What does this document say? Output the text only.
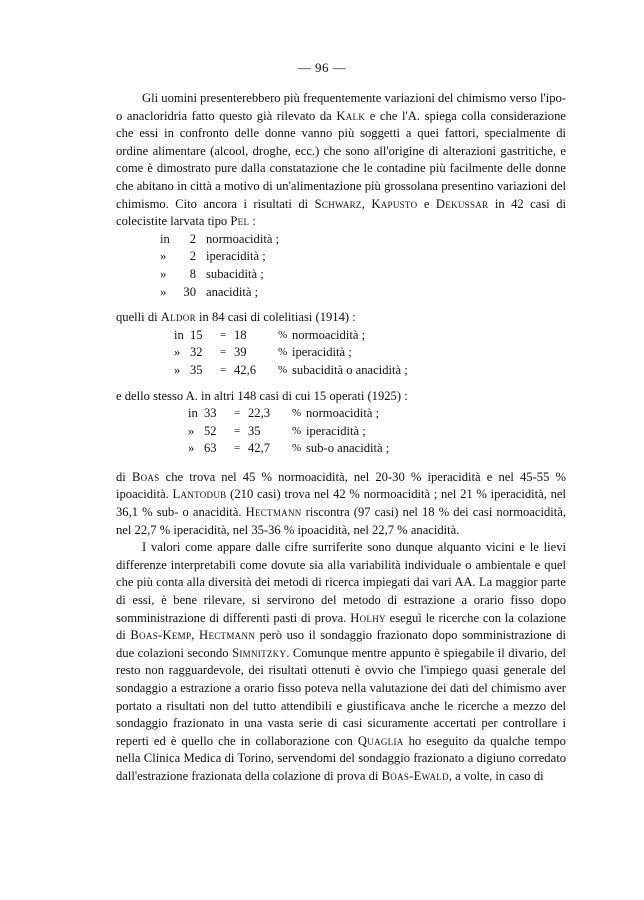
— 96 —

Gli uomini presenterebbero più frequentemente variazioni del chimismo verso l'ipo-o anacloridria fatto questo già rilevato da Kalk e che l'A. spiega colla considerazione che essi in confronto delle donne vanno più soggetti a quei fattori, specialmente di ordine alimentare (alcool, droghe, ecc.) che sono all'origine di alterazioni gastritiche, e come è dimostrato pure dalla constatazione che le contadine più facilmente delle donne che abitano in città a motivo di un'alimentazione più grossolana presentino variazioni del chimismo. Cito ancora i risultati di Schwarz, Kapusto e Dekussar in 42 casi di colecistite larvata tipo Pel :

in	2 normoacidità ;
»	2 iperacidità ;
»	8 subacidità ;
»	30 anacidità ;

quelli di Aldor in 84 casi di colelitiasi (1914) :

in 15	= 18	% normoacidità ;
» 32	= 39	% iperacidità ;
» 35	= 42,6	% subacidità o anacidità ;

e dello stesso A. in altri 148 casi di cui 15 operati (1925) :

in 33	= 22,3	% normoacidità ;
» 52	= 35	% iperacidità ;
» 63	= 42,7	% sub-o anacidità ;

di Boas che trova nel 45 % normoacidità, nel 20-30 % iperacidità e nel 45-55 % ipoacidità. Lantodub (210 casi) trova nel 42 % normoacidità ; nel 21 % iperacidità, nel 36,1 % sub- o anacidità. Hectmann riscontra (97 casi) nel 18 % dei casi normoacidità, nel 22,7 % iperacidità, nel 35-36 % ipoacidità, nel 22,7 % anacidità.

I valori come appare dalle cifre surriferite sono dunque alquanto vicini e le lievi differenze interpretabili come dovute sia alla variabilità individuale o ambientale e quel che più conta alla diversità dei metodi di ricerca impiegati dai vari AA. La maggior parte di essi, è bene rilevare, si servirono del metodo di estrazione a orario fisso dopo somministrazione di differenti pasti di prova. Holhy eseguì le ricerche con la colazione di Boas-Kemp, Hectmann però uso il sondaggio frazionato dopo somministrazione di due colazioni secondo Simnitzky. Comunque mentre appunto è spiegabile il divario, del resto non ragguardevole, dei risultati ottenuti è ovvio che l'impiego quasi generale del sondaggio a estrazione a orario fisso poteva nella valutazione dei dati del chimismo aver portato a risultati non del tutto attendibili e giustificava anche le ricerche a mezzo del sondaggio frazionato in una vasta serie di casi sicuramente accertati per controllare i reperti ed è quello che in collaborazione con Quaglia ho eseguito da qualche tempo nella Clinica Medica di Torino, servendomi del sondaggio frazionato a digiuno corredato dall'estrazione frazionata della colazione di prova di Boas-Ewald, a volte, in caso di
